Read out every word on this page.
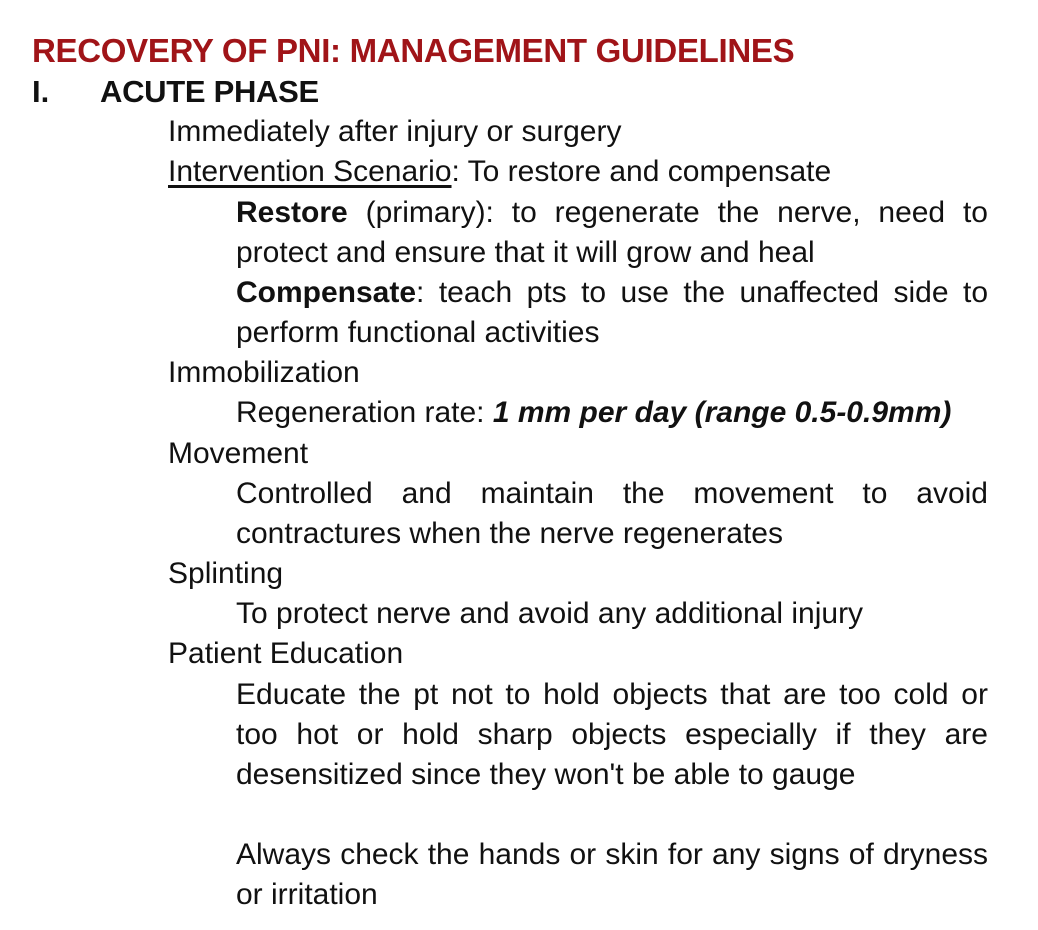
RECOVERY OF PNI: MANAGEMENT GUIDELINES
I. ACUTE PHASE
Immediately after injury or surgery
Intervention Scenario: To restore and compensate
Restore (primary): to regenerate the nerve, need to protect and ensure that it will grow and heal
Compensate: teach pts to use the unaffected side to perform functional activities
Immobilization
Regeneration rate: 1 mm per day (range 0.5-0.9mm)
Movement
Controlled and maintain the movement to avoid contractures when the nerve regenerates
Splinting
To protect nerve and avoid any additional injury
Patient Education
Educate the pt not to hold objects that are too cold or too hot or hold sharp objects especially if they are desensitized since they won't be able to gauge
Always check the hands or skin for any signs of dryness or irritation
